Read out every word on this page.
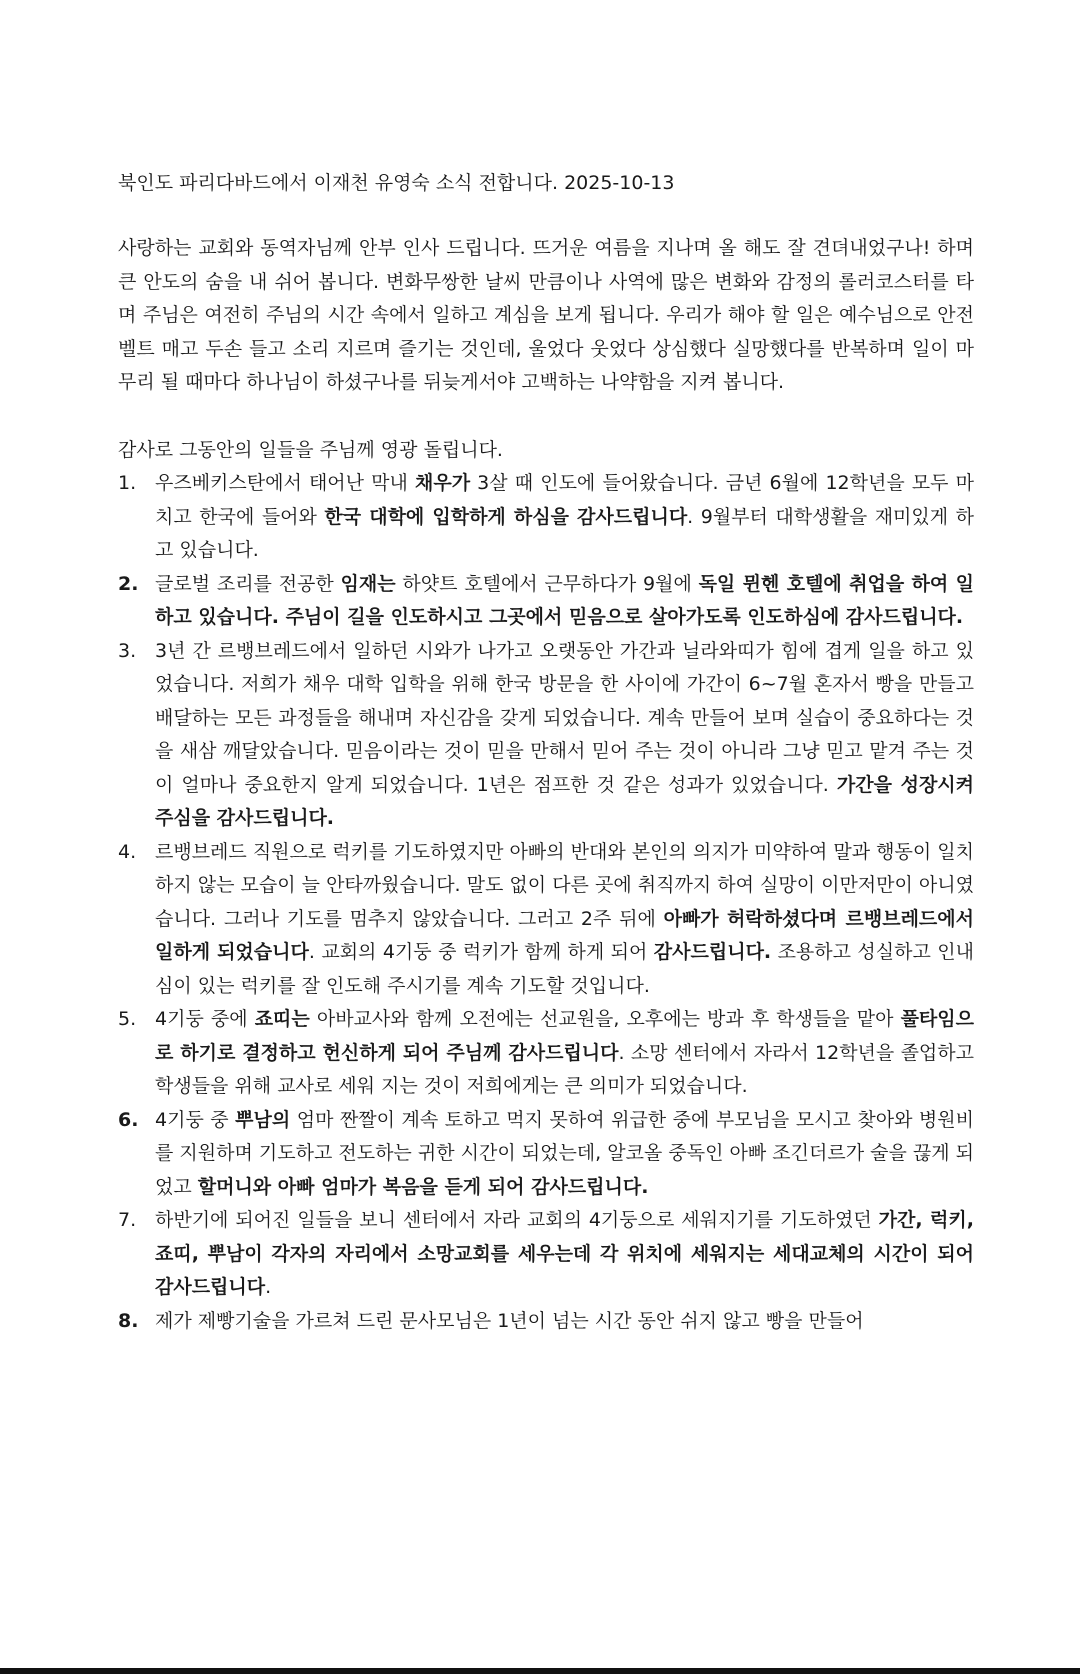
북인도 파리다바드에서 이재천 유영숙 소식 전합니다. 2025-10-13

사랑하는 교회와 동역자님께 안부 인사 드립니다. 뜨거운 여름을 지나며 올 해도 잘 견뎌내었구나! 하며 큰 안도의 숨을 내 쉬어 봅니다. 변화무쌍한 날씨 만큼이나 사역에 많은 변화와 감정의 롤러코스터를 타며 주님은 여전히 주님의 시간 속에서 일하고 계심을 보게 됩니다. 우리가 해야 할 일은 예수님으로 안전벨트 매고 두손 들고 소리 지르며 즐기는 것인데, 울었다 웃었다 상심했다 실망했다를 반복하며 일이 마무리 될 때마다 하나님이 하셨구나를 뒤늦게서야 고백하는 나약함을 지켜 봅니다.

감사로 그동안의 일들을 주님께 영광 돌립니다.

1. 우즈베키스탄에서 태어난 막내 채우가 3살 때 인도에 들어왔습니다. 금년 6월에 12학년을 모두 마치고 한국에 들어와 한국 대학에 입학하게 하심을 감사드립니다. 9월부터 대학생활을 재미있게 하고 있습니다.
2. 글로벌 조리를 전공한 임재는 하얏트 호텔에서 근무하다가 9월에 독일 뮌헨 호텔에 취업을 하여 일하고 있습니다. 주님이 길을 인도하시고 그곳에서 믿음으로 살아가도록 인도하심에 감사드립니다.
3. 3년 간 르뱅브레드에서 일하던 시와가 나가고 오랫동안 가간과 닐라와띠가 힘에 겹게 일을 하고 있었습니다. 저희가 채우 대학 입학을 위해 한국 방문을 한 사이에 가간이 6~7월 혼자서 빵을 만들고 배달하는 모든 과정들을 해내며 자신감을 갖게 되었습니다. 계속 만들어 보며 실습이 중요하다는 것을 새삼 깨달았습니다. 믿음이라는 것이 믿을 만해서 믿어 주는 것이 아니라 그냥 믿고 맡겨 주는 것이 얼마나 중요한지 알게 되었습니다. 1년은 점프한 것 같은 성과가 있었습니다. 가간을 성장시켜 주심을 감사드립니다.
4. 르뱅브레드 직원으로 럭키를 기도하였지만 아빠의 반대와 본인의 의지가 미약하여 말과 행동이 일치하지 않는 모습이 늘 안타까웠습니다. 말도 없이 다른 곳에 취직까지 하여 실망이 이만저만이 아니였습니다. 그러나 기도를 멈추지 않았습니다. 그러고 2주 뒤에 아빠가 허락하셨다며 르뱅브레드에서 일하게 되었습니다. 교회의 4기둥 중 럭키가 함께 하게 되어 감사드립니다. 조용하고 성실하고 인내심이 있는 럭키를 잘 인도해 주시기를 계속 기도할 것입니다.
5. 4기둥 중에 죠띠는 아바교사와 함께 오전에는 선교원을, 오후에는 방과 후 학생들을 맡아 풀타임으로 하기로 결정하고 헌신하게 되어 주님께 감사드립니다. 소망 센터에서 자라서 12학년을 졸업하고 학생들을 위해 교사로 세워 지는 것이 저희에게는 큰 의미가 되었습니다.
6. 4기둥 중 뿌남의 엄마 짠짤이 계속 토하고 먹지 못하여 위급한 중에 부모님을 모시고 찾아와 병원비를 지원하며 기도하고 전도하는 귀한 시간이 되었는데, 알코올 중독인 아빠 조긴더르가 술을 끊게 되었고 할머니와 아빠 엄마가 복음을 듣게 되어 감사드립니다.
7. 하반기에 되어진 일들을 보니 센터에서 자라 교회의 4기둥으로 세워지기를 기도하였던 가간, 럭키, 죠띠, 뿌남이 각자의 자리에서 소망교회를 세우는데 각 위치에 세워지는 세대교체의 시간이 되어 감사드립니다.
8. 제가 제빵기술을 가르쳐 드린 문사모님은 1년이 넘는 시간 동안 쉬지 않고 빵을 만들어
